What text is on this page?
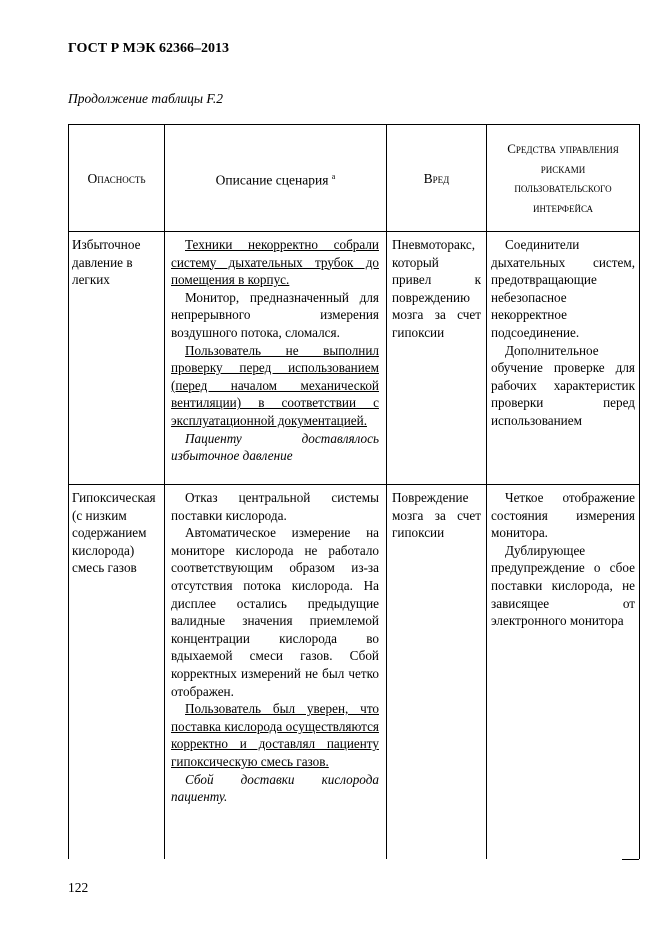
ГОСТ Р МЭК 62366–2013
Продолжение таблицы F.2
Опасность	Описание сценария $^a$	Вред
Средства управления рисками пользовательского интерфейса
Избыточное давление в легких

Техники некорректно собрали систему дыхательных трубок до помещения в корпус.

Монитор, предназначенный для непрерывного измерения воздушного потока, сломался.

Пользователь не выполнил проверку перед использованием (перед началом механической вентиляции) в соответствии с эксплуатационной документацией.

Пациенту доставлялось избыточное давление

Пневмоторакс, который привел к повреждению мозга за счет гипоксии

Соединители дыхательных систем, предотвращающие небезопасное некорректное подсоединение.

Дополнительное обучение проверке для рабочих характеристик проверки перед использованием

Гипоксическая (с низким содержанием кислорода) смесь газов

Отказ центральной системы поставки кислорода.

Автоматическое измерение на мониторе кислорода не работало соответствующим образом из-за отсутствия потока кислорода. На дисплее остались предыдущие валидные значения приемлемой концентрации кислорода во вдыхаемой смеси газов. Сбой корректных измерений не был четко отображен.

Пользователь был уверен, что поставка кислорода осуществляются корректно и доставлял пациенту гипоксическую смесь газов.

Сбой доставки кислорода пациенту.

Повреждение мозга за счет гипоксии

Четкое отображение состояния измерения монитора.

Дублирующее предупреждение о сбое поставки кислорода, не зависящее от электронного монитора

122
